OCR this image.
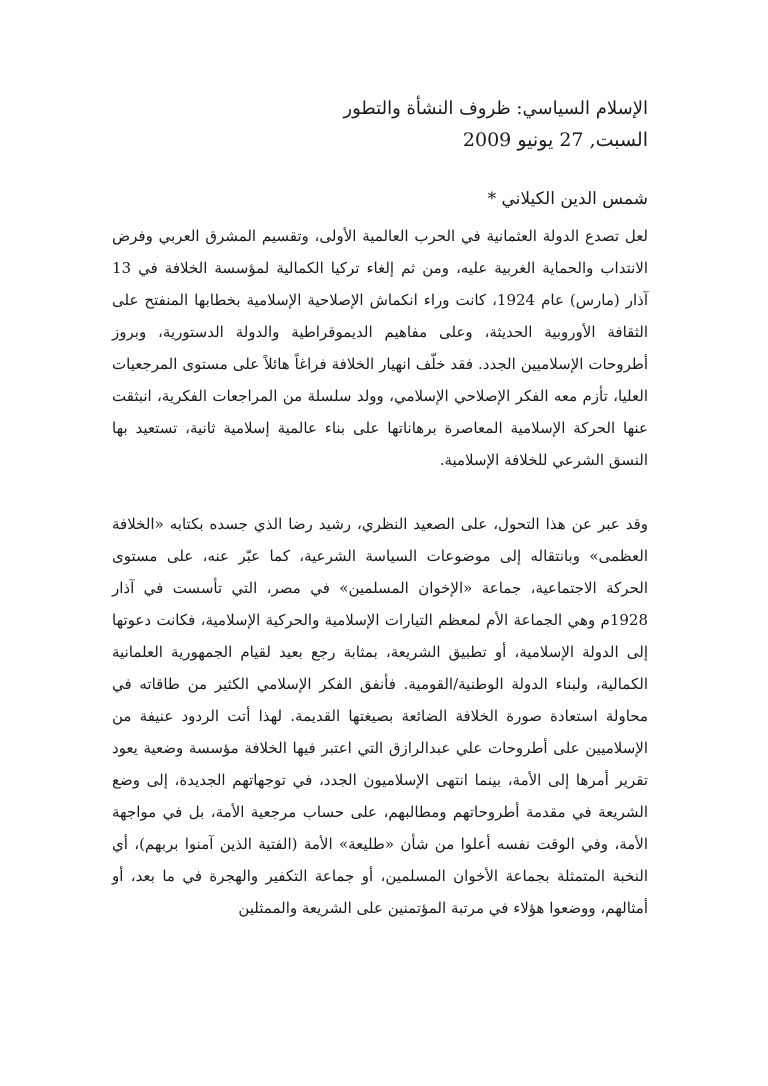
الإسلام السياسي: ظروف النشأة والتطور
السبت, 27 يونيو 2009
شمس الدين الكيلاني *

لعل تصدع الدولة العثمانية في الحرب العالمية الأولى، وتقسيم المشرق العربي وفرض الانتداب والحماية الغربية عليه، ومن ثم إلغاء تركيا الكمالية لمؤسسة الخلافة في 13 آذار (مارس) عام 1924، كانت وراء انكماش الإصلاحية الإسلامية بخطابها المنفتح على الثقافة الأوروبية الحديثة، وعلى مفاهيم الديموقراطية والدولة الدستورية، وبروز أطروحات الإسلاميين الجدد. فقد خلّف انهيار الخلافة فراغاً هائلاً على مستوى المرجعيات العليا، تأزم معه الفكر الإصلاحي الإسلامي، وولد سلسلة من المراجعات الفكرية، انبثقت عنها الحركة الإسلامية المعاصرة برهاناتها على بناء عالمية إسلامية ثانية، تستعيد بها النسق الشرعي للخلافة الإسلامية.

وقد عبر عن هذا التحول، على الصعيد النظري، رشيد رضا الذي جسده بكتابه «الخلافة العظمى» وبانتقاله إلى موضوعات السياسة الشرعية، كما عبّر عنه، على مستوى الحركة الاجتماعية، جماعة «الإخوان المسلمين» في مصر، التي تأسست في آذار 1928م وهي الجماعة الأم لمعظم التيارات الإسلامية والحركية الإسلامية، فكانت دعوتها إلى الدولة الإسلامية، أو تطبيق الشريعة، بمثابة رجع بعيد لقيام الجمهورية العلمانية الكمالية، ولبناء الدولة الوطنية/القومية. فأنفق الفكر الإسلامي الكثير من طاقاته في محاولة استعادة صورة الخلافة الضائعة بصيغتها القديمة. لهذا أتت الردود عنيفة من الإسلاميين على أطروحات علي عبدالرازق التي اعتبر فيها الخلافة مؤسسة وضعية يعود تقرير أمرها إلى الأمة، بينما انتهى الإسلاميون الجدد، في توجهاتهم الجديدة، إلى وضع الشريعة في مقدمة أطروحاتهم ومطالبهم، على حساب مرجعية الأمة، بل في مواجهة الأمة، وفي الوقت نفسه أعلوا من شأن «طليعة» الأمة (الفتية الذين آمنوا بربهم)، أي النخبة المتمثلة بجماعة الأخوان المسلمين، أو جماعة التكفير والهجرة في ما بعد، أو أمثالهم، ووضعوا هؤلاء في مرتبة المؤتمنين على الشريعة والممثلين
